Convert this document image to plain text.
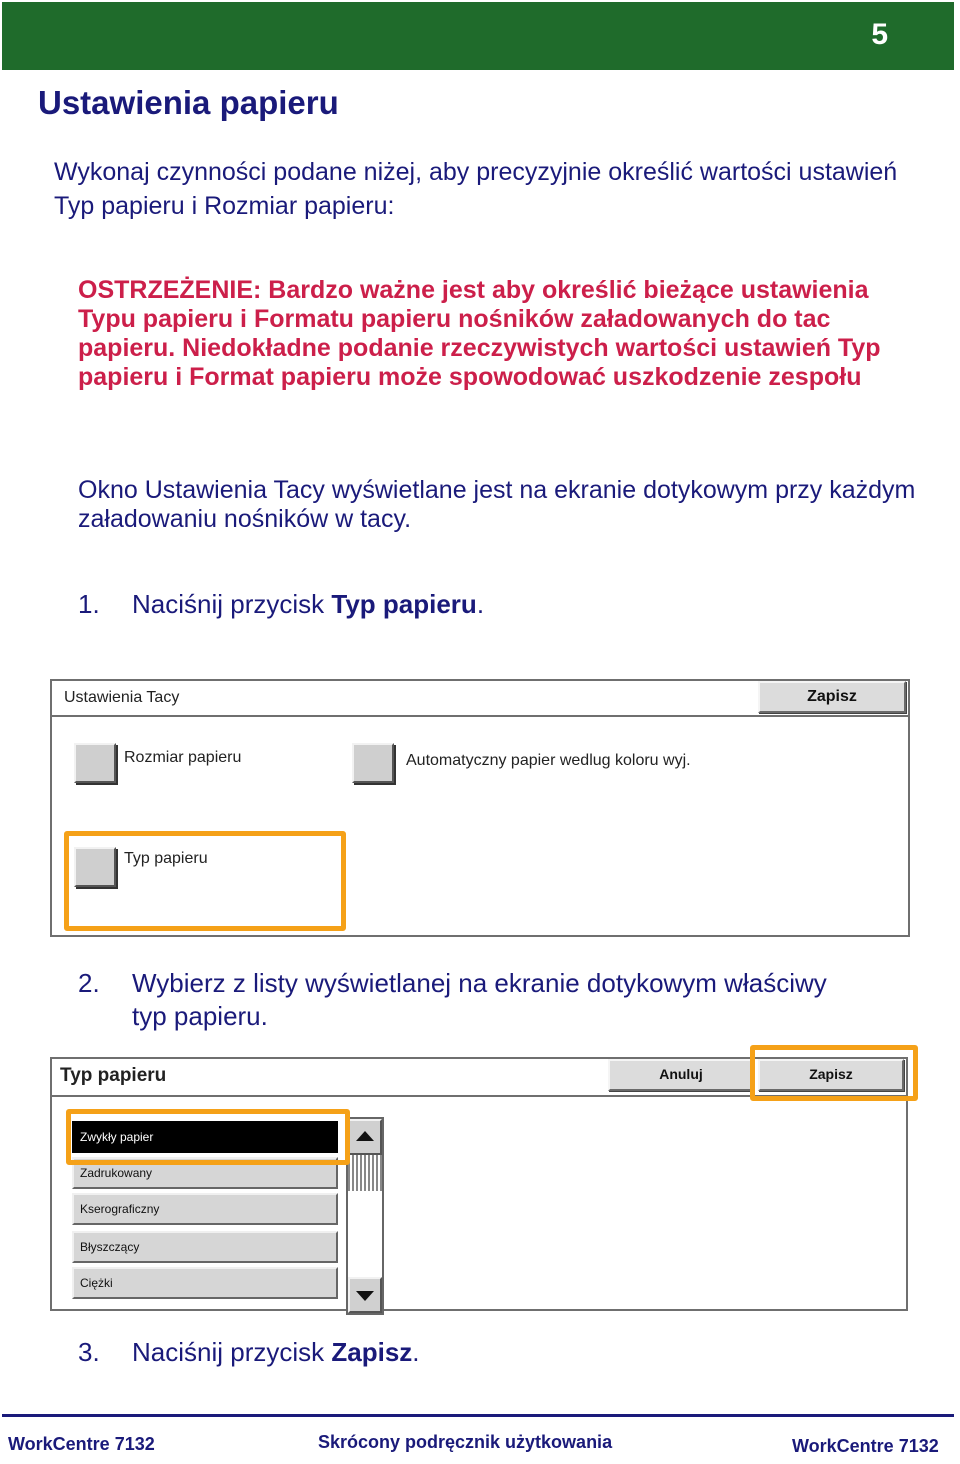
5
Ustawienia papieru
Wykonaj czynności podane niżej, aby precyzyjnie określić wartości ustawień Typ papieru i Rozmiar papieru:
OSTRZEŻENIE: Bardzo ważne jest aby określić bieżące ustawienia Typu papieru i Formatu papieru nośników załadowanych do tac papieru. Niedokładne podanie rzeczywistych wartości ustawień Typ papieru i Format papieru może spowodować uszkodzenie zespołu
Okno Ustawienia Tacy wyświetlane jest na ekranie dotykowym przy każdym załadowaniu nośników w tacy.
1. Naciśnij przycisk Typ papieru.
Ustawienia Tacy	Zapisz
Rozmiar papieru	Automatyczny papier wedlug koloru wyj.
Typ papieru
2. Wybierz z listy wyświetlanej na ekranie dotykowym właściwy typ papieru.
Typ papieru	Anuluj	Zapisz
Zwykły papier
Zadrukowany
Kserograficzny
Błyszczący
Ciężki
3. Naciśnij przycisk Zapisz.
WorkCentre 7132	Skrócony podręcznik użytkowania	WorkCentre 7132
